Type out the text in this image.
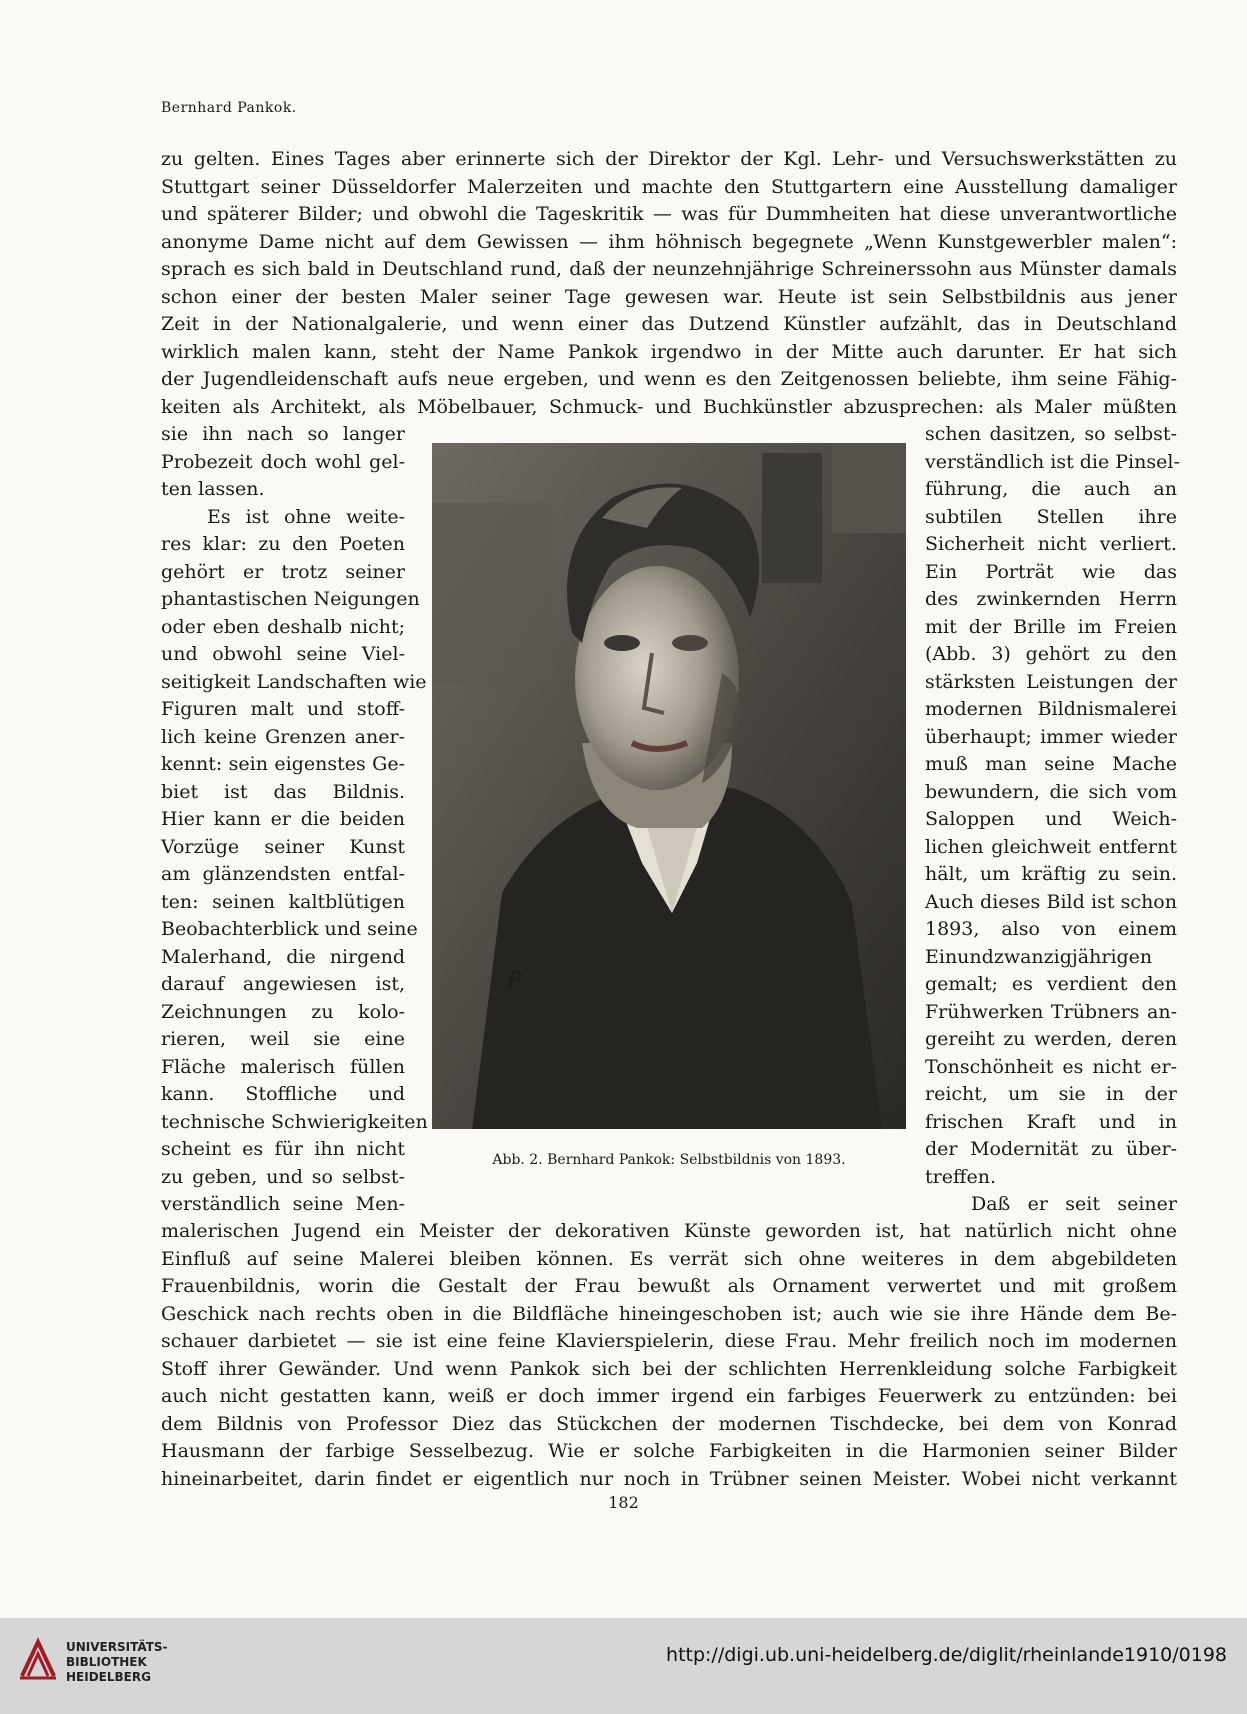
Bernhard Pankok.
zu gelten. Eines Tages aber erinnerte sich der Direktor der Kgl. Lehr- und Versuchswerkstätten zu
Stuttgart seiner Düsseldorfer Malerzeiten und machte den Stuttgartern eine Ausstellung damaliger
und späterer Bilder; und obwohl die Tageskritik — was für Dummheiten hat diese unverantwortliche
anonyme Dame nicht auf dem Gewissen — ihm höhnisch begegnete „Wenn Kunstgewerbler malen“:
sprach es sich bald in Deutschland rund, daß der neunzehnjährige Schreinerssohn aus Münster damals
schon einer der besten Maler seiner Tage gewesen war. Heute ist sein Selbstbildnis aus jener
Zeit in der Nationalgalerie, und wenn einer das Dutzend Künstler aufzählt, das in Deutschland
wirklich malen kann, steht der Name Pankok irgendwo in der Mitte auch darunter. Er hat sich
der Jugendleidenschaft aufs neue ergeben, und wenn es den Zeitgenossen beliebte, ihm seine Fähig-
keiten als Architekt, als Möbelbauer, Schmuck- und Buchkünstler abzusprechen: als Maler müßten
sie ihn nach so langer
Probezeit doch wohl gel-
ten lassen.
Es ist ohne weite-
res klar: zu den Poeten
gehört er trotz seiner
phantastischen Neigungen
oder eben deshalb nicht;
und obwohl seine Viel-
seitigkeit Landschaften wie
Figuren malt und stoff-
lich keine Grenzen aner-
kennt: sein eigenstes Ge-
biet ist das Bildnis.
Hier kann er die beiden
Vorzüge seiner Kunst
am glänzendsten entfal-
ten: seinen kaltblütigen
Beobachterblick und seine
Malerhand, die nirgend
darauf angewiesen ist,
Zeichnungen zu kolo-
rieren, weil sie eine
Fläche malerisch füllen
kann. Stoffliche und
technische Schwierigkeiten
scheint es für ihn nicht
zu geben, und so selbst-
verständlich seine Men-
schen dasitzen, so selbst-
verständlich ist die Pinsel-
führung, die auch an
subtilen Stellen ihre
Sicherheit nicht verliert.
Ein Porträt wie das
des zwinkernden Herrn
mit der Brille im Freien
(Abb. 3) gehört zu den
stärksten Leistungen der
modernen Bildnismalerei
überhaupt; immer wieder
muß man seine Mache
bewundern, die sich vom
Saloppen und Weich-
lichen gleichweit entfernt
hält, um kräftig zu sein.
Auch dieses Bild ist schon
1893, also von einem
Einundzwanzigjährigen
gemalt; es verdient den
Frühwerken Trübners an-
gereiht zu werden, deren
Tonschönheit es nicht er-
reicht, um sie in der
frischen Kraft und in
der Modernität zu über-
treffen.
Daß er seit seiner
malerischen Jugend ein Meister der dekorativen Künste geworden ist, hat natürlich nicht ohne
Einfluß auf seine Malerei bleiben können. Es verrät sich ohne weiteres in dem abgebildeten
Frauenbildnis, worin die Gestalt der Frau bewußt als Ornament verwertet und mit großem
Geschick nach rechts oben in die Bildfläche hineingeschoben ist; auch wie sie ihre Hände dem Be-
schauer darbietet — sie ist eine feine Klavierspielerin, diese Frau. Mehr freilich noch im modernen
Stoff ihrer Gewänder. Und wenn Pankok sich bei der schlichten Herrenkleidung solche Farbigkeit
auch nicht gestatten kann, weiß er doch immer irgend ein farbiges Feuerwerk zu entzünden: bei
dem Bildnis von Professor Diez das Stückchen der modernen Tischdecke, bei dem von Konrad
Hausmann der farbige Sesselbezug. Wie er solche Farbigkeiten in die Harmonien seiner Bilder
hineinarbeitet, darin findet er eigentlich nur noch in Trübner seinen Meister. Wobei nicht verkannt
P.
Abb. 2. Bernhard Pankok: Selbstbildnis von 1893.
182
UNIVERSITÄTS-
BIBLIOTHEK
HEIDELBERG
http://digi.ub.uni-heidelberg.de/diglit/rheinlande1910/0198
